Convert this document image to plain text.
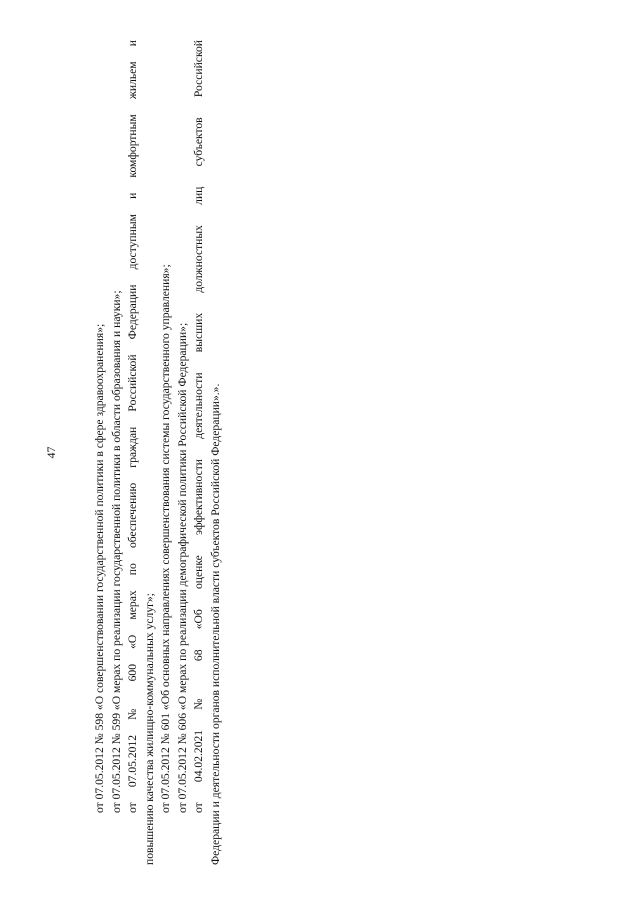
47	от 07.05.2012 № 598 «О совершенствовании государственной политики в сфере здравоохранения»; от 07.05.2012 № 599 «О мерах по реализации государственной политики в области образования и науки»; от 07.05.2012 № 600 «О мерах по обеспечению граждан Российской Федерации доступным и комфортным жильем и повышению качества жилищно-коммунальных услуг»; от 07.05.2012 № 601 «Об основных направлениях совершенствования системы государственного управления»; от 07.05.2012 № 606 «О мерах по реализации демографической политики Российской Федерации»; от 04.02.2021 № 68 «Об оценке эффективности деятельности высших должностных лиц субъектов Российской Федерации и деятельности органов исполнительной власти субъектов Российской Федерации».».
